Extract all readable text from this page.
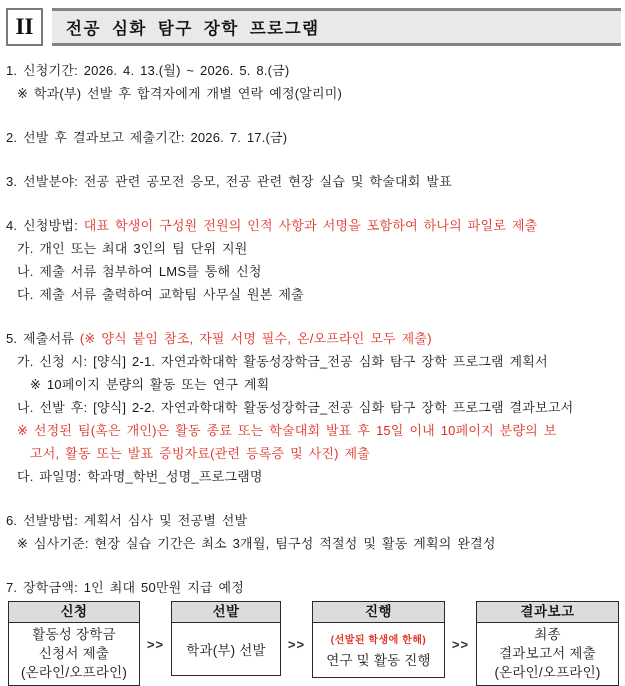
II 전공 심화 탐구 장학 프로그램
1. 신청기간: 2026. 4. 13.(월) ~ 2026. 5. 8.(금)
※ 학과(부) 선발 후 합격자에게 개별 연락 예정(알리미)
2. 선발 후 결과보고 제출기간: 2026. 7. 17.(금)
3. 선발분야: 전공 관련 공모전 응모, 전공 관련 현장 실습 및 학술대회 발표
4. 신청방법: 대표 학생이 구성원 전원의 인적 사항과 서명을 포함하여 하나의 파일로 제출
가. 개인 또는 최대 3인의 팀 단위 지원
나. 제출 서류 첨부하여 LMS를 통해 신청
다. 제출 서류 출력하여 교학팀 사무실 원본 제출
5. 제출서류 (※ 양식 붙임 참조, 자필 서명 필수, 온/오프라인 모두 제출)
가. 신청 시: [양식] 2-1. 자연과학대학 활동성장학금_전공 심화 탐구 장학 프로그램 계획서
※ 10페이지 분량의 활동 또는 연구 계획
나. 선발 후: [양식] 2-2. 자연과학대학 활동성장학금_전공 심화 탐구 장학 프로그램 결과보고서
※ 선정된 팀(혹은 개인)은 활동 종료 또는 학술대회 발표 후 15일 이내 10페이지 분량의 보
고서, 활동 또는 발표 증빙자료(관련 등록증 및 사진) 제출
다. 파일명: 학과명_학번_성명_프로그램명
6. 선발방법: 계획서 심사 및 전공별 선발
※ 심사기준: 현장 실습 기간은 최소 3개월, 팀구성 적절성 및 활동 계획의 완결성
7. 장학금액: 1인 최대 50만원 지급 예정
신청
활동성 장학금
신청서 제출
(온라인/오프라인)
>>
선발
학과(부) 선발	>>
진행
(선발된 학생에 한해)
연구 및 활동 진행
>>
결과보고
최종
결과보고서 제출
(온라인/오프라인)
